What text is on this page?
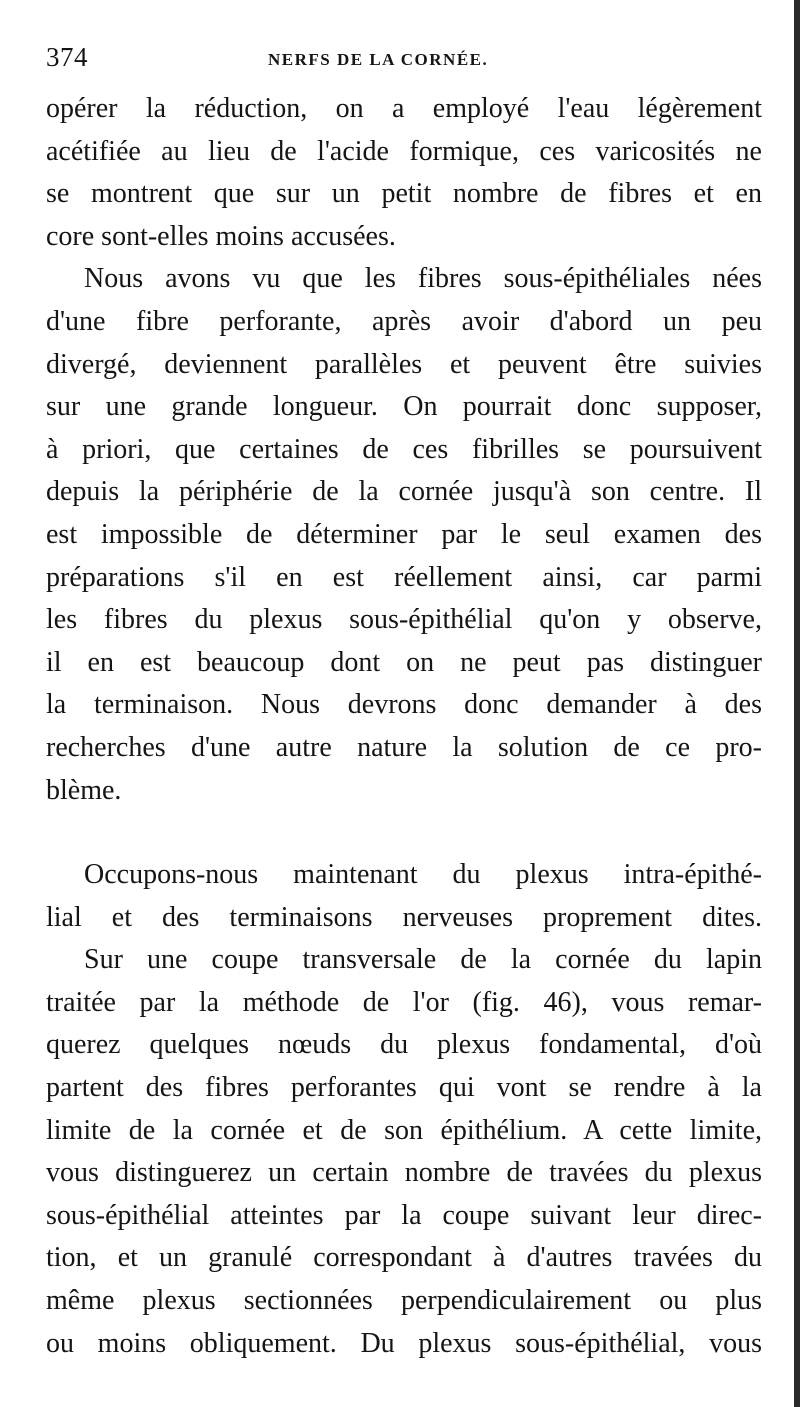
374	NERFS DE LA CORNÉE.
opérer la réduction, on a employé l'eau légèrement
acétifiée au lieu de l'acide formique, ces varicosités ne
se montrent que sur un petit nombre de fibres et en
core sont-elles moins accusées.
Nous avons vu que les fibres sous-épithéliales nées
d'une fibre perforante, après avoir d'abord un peu
divergé, deviennent parallèles et peuvent être suivies
sur une grande longueur. On pourrait donc supposer,
à priori, que certaines de ces fibrilles se poursuivent
depuis la périphérie de la cornée jusqu'à son centre. Il
est impossible de déterminer par le seul examen des
préparations s'il en est réellement ainsi, car parmi
les fibres du plexus sous-épithélial qu'on y observe,
il en est beaucoup dont on ne peut pas distinguer
la terminaison. Nous devrons donc demander à des
recherches d'une autre nature la solution de ce pro-
blème.
Occupons-nous maintenant du plexus intra-épithé-
lial et des terminaisons nerveuses proprement dites.
Sur une coupe transversale de la cornée du lapin
traitée par la méthode de l'or (fig. 46), vous remar-
querez quelques nœuds du plexus fondamental, d'où
partent des fibres perforantes qui vont se rendre à la
limite de la cornée et de son épithélium. A cette limite,
vous distinguerez un certain nombre de travées du plexus
sous-épithélial atteintes par la coupe suivant leur direc-
tion, et un granulé correspondant à d'autres travées du
même plexus sectionnées perpendiculairement ou plus
ou moins obliquement. Du plexus sous-épithélial, vous
